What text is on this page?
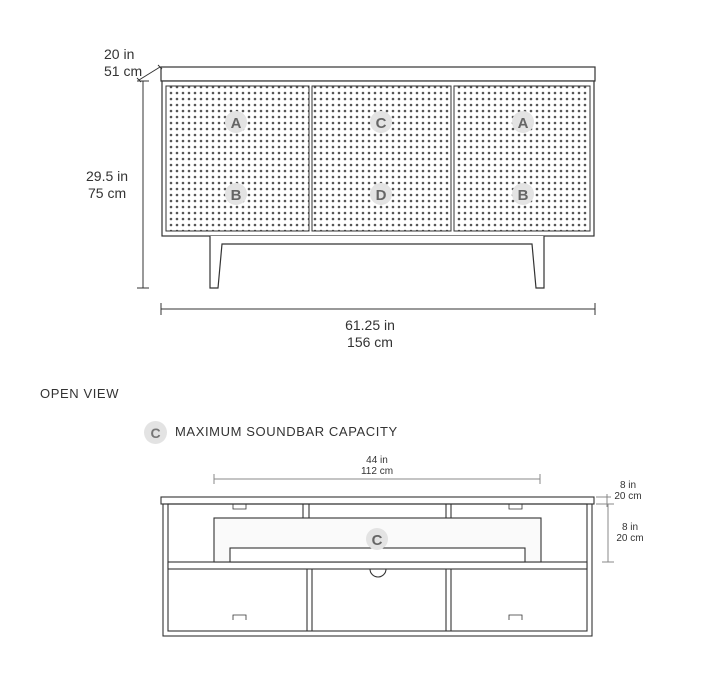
A	C	A
B	D	B
20 in
51 cm
29.5 in
75 cm
61.25 in
156 cm
44 in
112 cm
C
8 in
20 cm
8 in
20 cm
OPEN VIEW
C	MAXIMUM SOUNDBAR CAPACITY
